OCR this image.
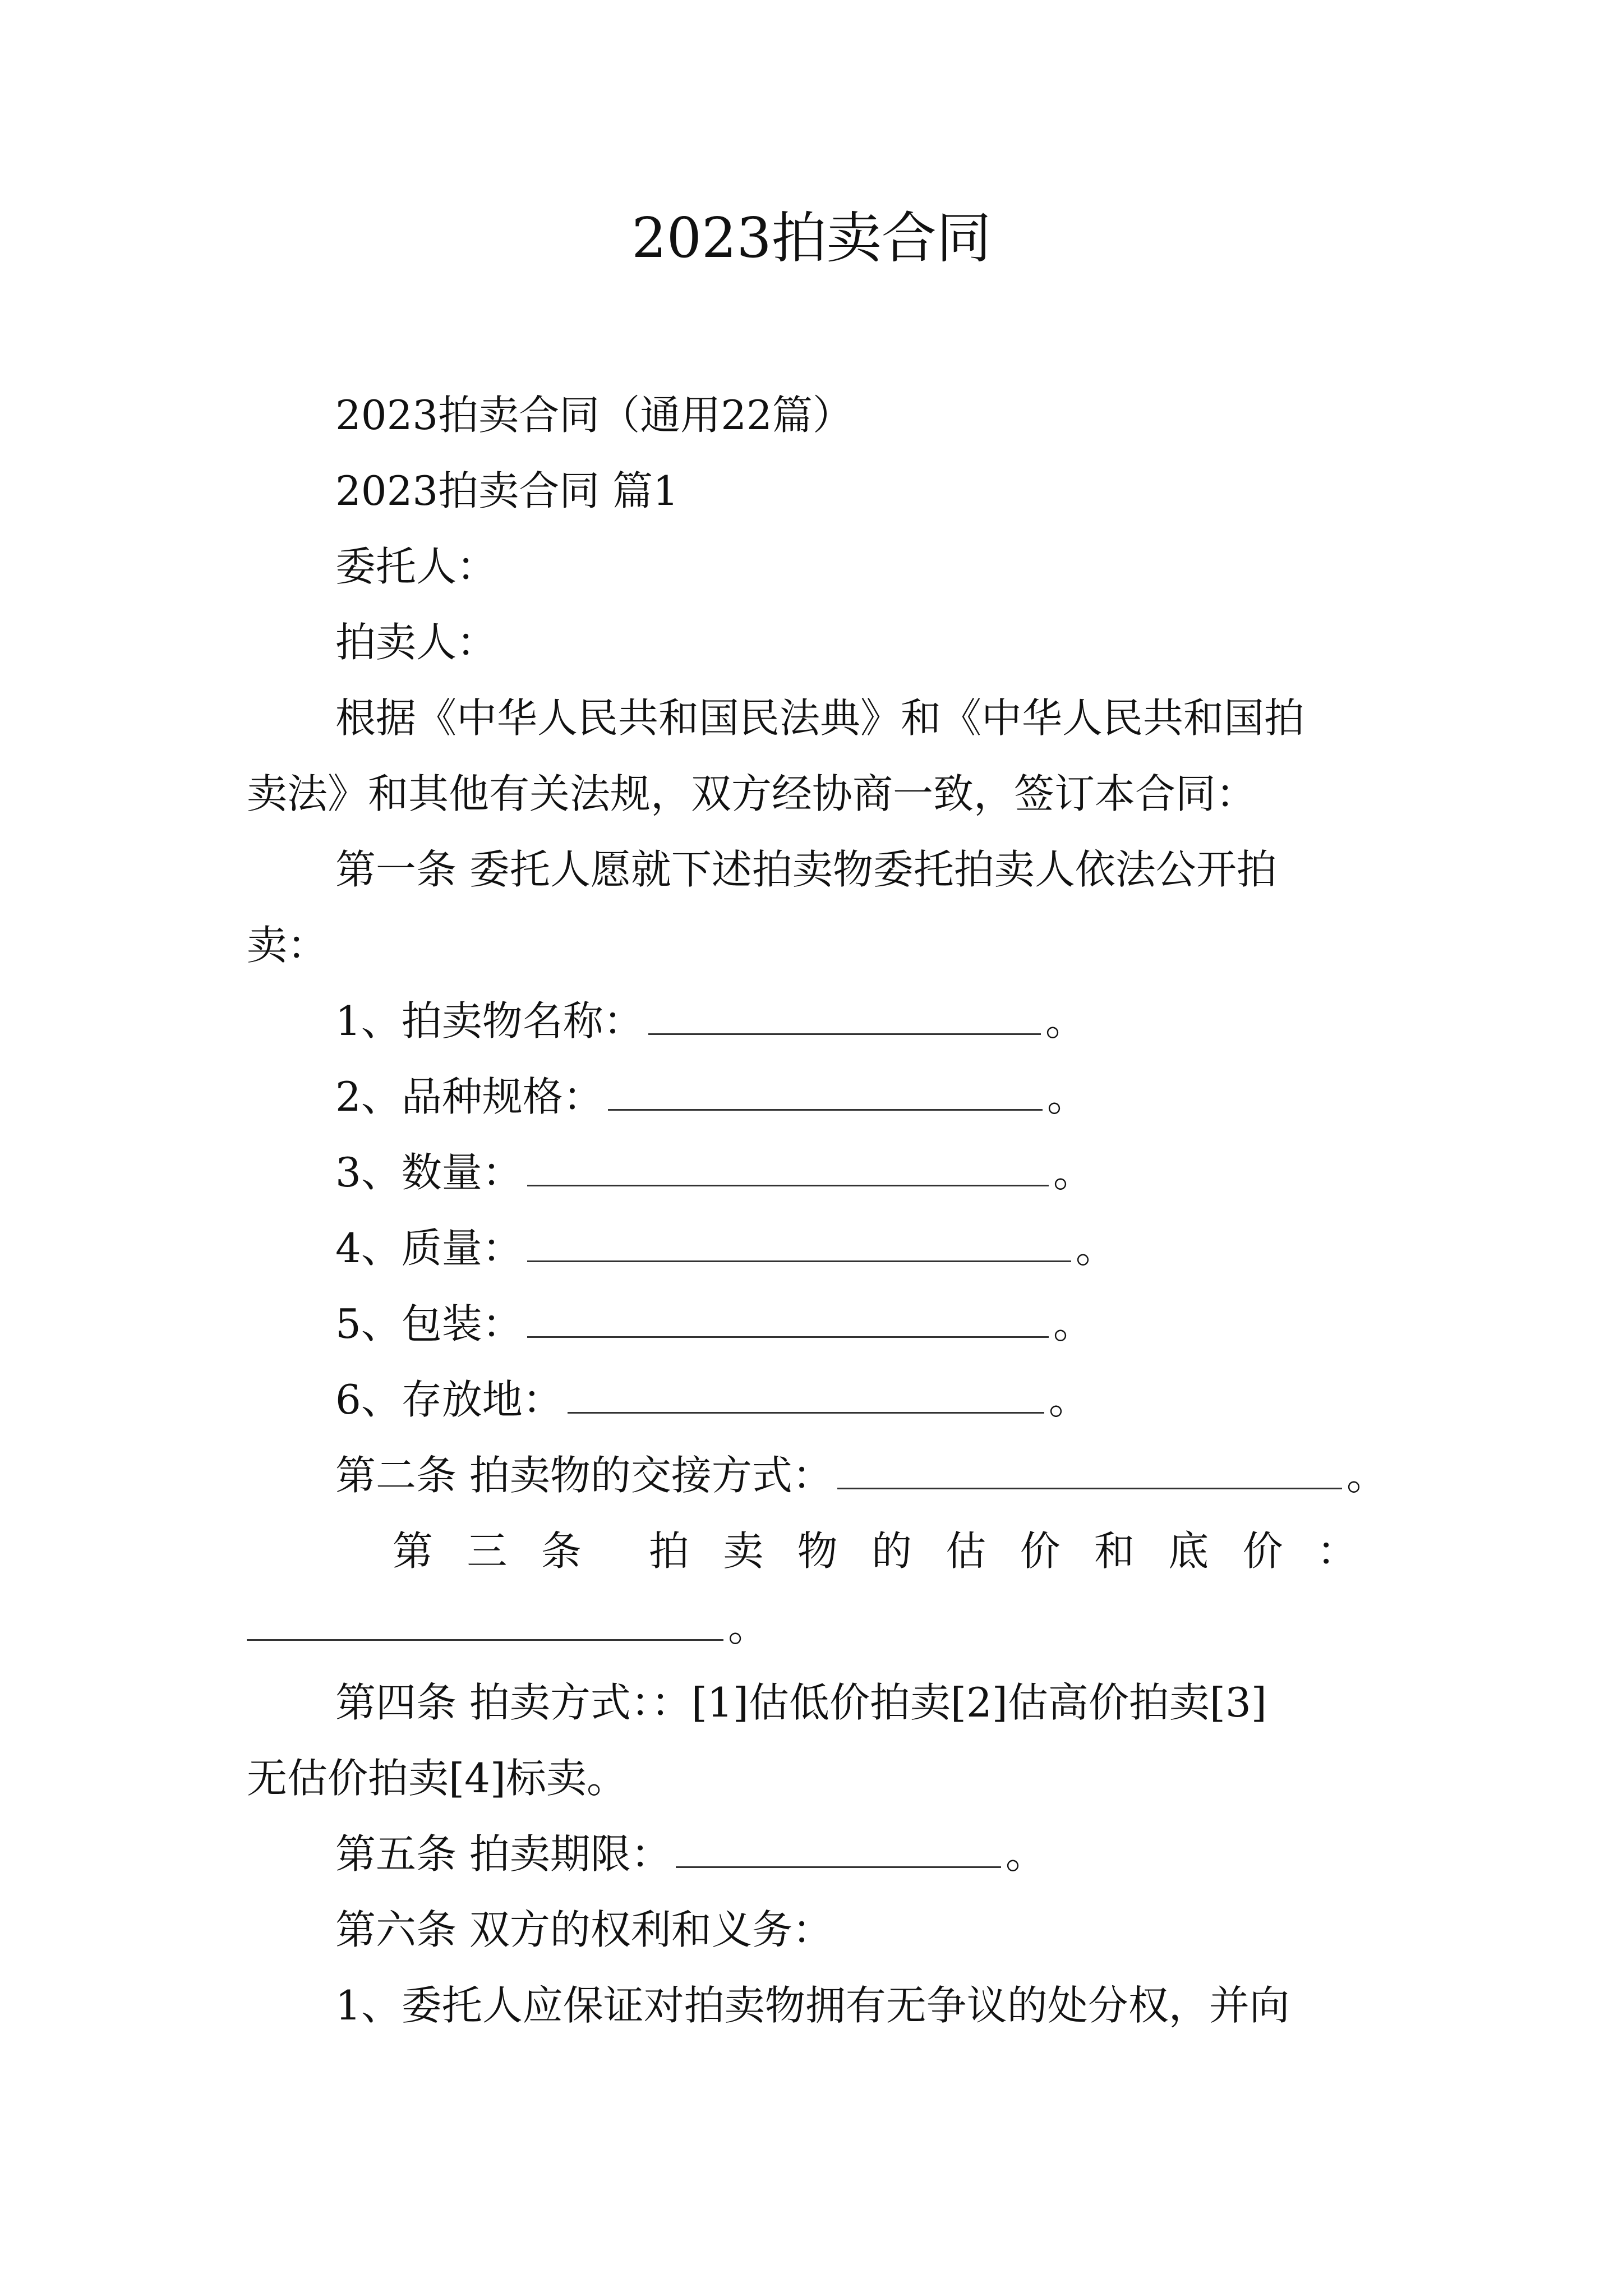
2023拍卖合同
2023拍卖合同（通用22篇）
2023拍卖合同 篇1
委托人：
拍卖人：
根据《中华人民共和国民法典》和《中华人民共和国拍
卖法》和其他有关法规，双方经协商一致，签订本合同：
第一条 委托人愿就下述拍卖物委托拍卖人依法公开拍
卖：
1、拍卖物名称：	。
2、品种规格：	。
3、数量：	。
4、质量：	。
5、包装：	。
6、存放地：	。
第二条 拍卖物的交接方式：	。
第 三 条 拍 卖 物 的 估 价 和 底 价 ：
。
第四条 拍卖方式：：[1]估低价拍卖[2]估高价拍卖[3]
无估价拍卖[4]标卖。
第五条 拍卖期限：	。
第六条 双方的权利和义务：
1、委托人应保证对拍卖物拥有无争议的处分权，并向
